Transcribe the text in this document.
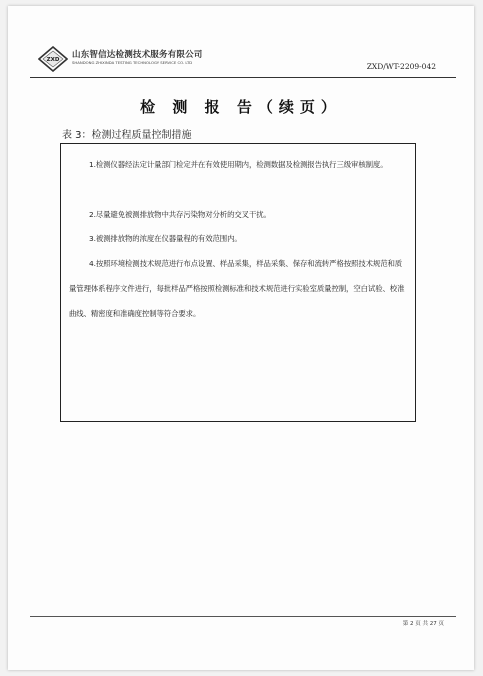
ZXD
山东智信达检测技术服务有限公司
SHANDONG ZHIXINDA TESTING TECHNOLOGY SERVICE CO. LTD	ZXD/WT-2209-042
检 测 报 告（续页）
表 3：检测过程质量控制措施

1.检测仪器经法定计量部门检定并在有效使用期内，检测数据及检测报告执行三级审核制度。

2.尽量避免被测排放物中共存污染物对分析的交叉干扰。

3.被测排放物的浓度在仪器量程的有效范围内。

4.按照环境检测技术规范进行布点设置、样品采集，样品采集、保存和流转严格按照技术规范和质量管理体系程序文件进行，每批样品严格按照检测标准和技术规范进行实验室质量控制，空白试验、校准曲线、精密度和准确度控制等符合要求。

第 2 页 共 27 页
